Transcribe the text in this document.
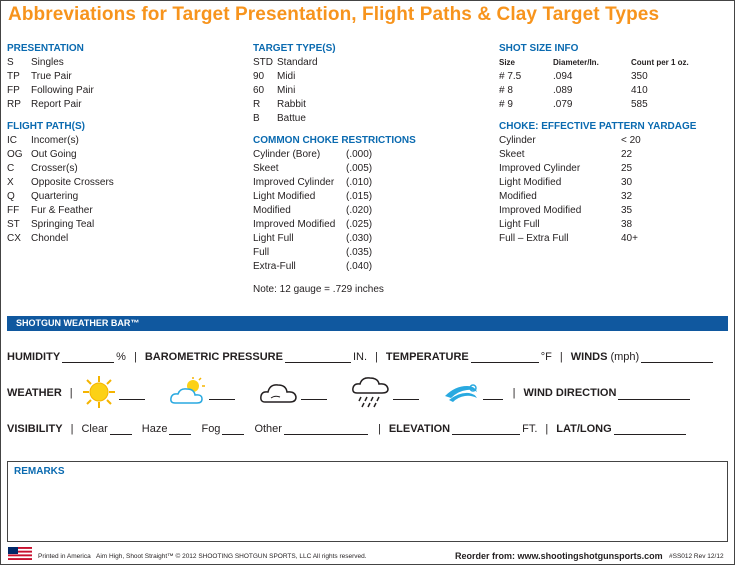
Abbreviations for Target Presentation, Flight Paths & Clay Target Types
PRESENTATION
S	Singles
TP	True Pair
FP	Following Pair
RP	Report Pair
FLIGHT PATH(S)
IC	Incomer(s)
OG Out Going
C	Crosser(s)
X	Opposite Crossers
Q	Quartering
FF	Fur & Feather
ST	Springing Teal
CX	Chondel
TARGET TYPE(S)
STD Standard
90	Midi
60	Mini
R	Rabbit
B	Battue
COMMON CHOKE RESTRICTIONS
Cylinder (Bore)	(.000)
Skeet	(.005)
Improved Cylinder	(.010)
Light Modified	(.015)
Modified	(.020)
Improved Modified	(.025)
Light Full	(.030)
Full	(.035)
Extra-Full	(.040)
Note: 12 gauge = .729 inches
SHOT SIZE INFO
Size	Diameter/In.	Count per 1 oz.
# 7.5	.094	350
# 8	.089	410
# 9	.079	585
CHOKE: EFFECTIVE PATTERN YARDAGE
Cylinder	< 20
Skeet	22
Improved Cylinder	25
Light Modified	30
Modified	32
Improved Modified	35
Light Full	38
Full – Extra Full	40+
SHOTGUN WEATHER BAR™
HUMIDITY	% | BAROMETRIC PRESSURE	IN. | TEMPERATURE	°F | WINDS (mph)
WEATHER |	| WIND DIRECTION
VISIBILITY | Clear	Haze	Fog	Other	| ELEVATION	FT. | LAT/LONG
REMARKS
Printed in America Aim High, Shoot Straight™ © 2012 SHOOTING SHOTGUN SPORTS, LLC All rights reserved.	Reorder from: www.shootingshotgunsports.com #SS012 Rev 12/12
